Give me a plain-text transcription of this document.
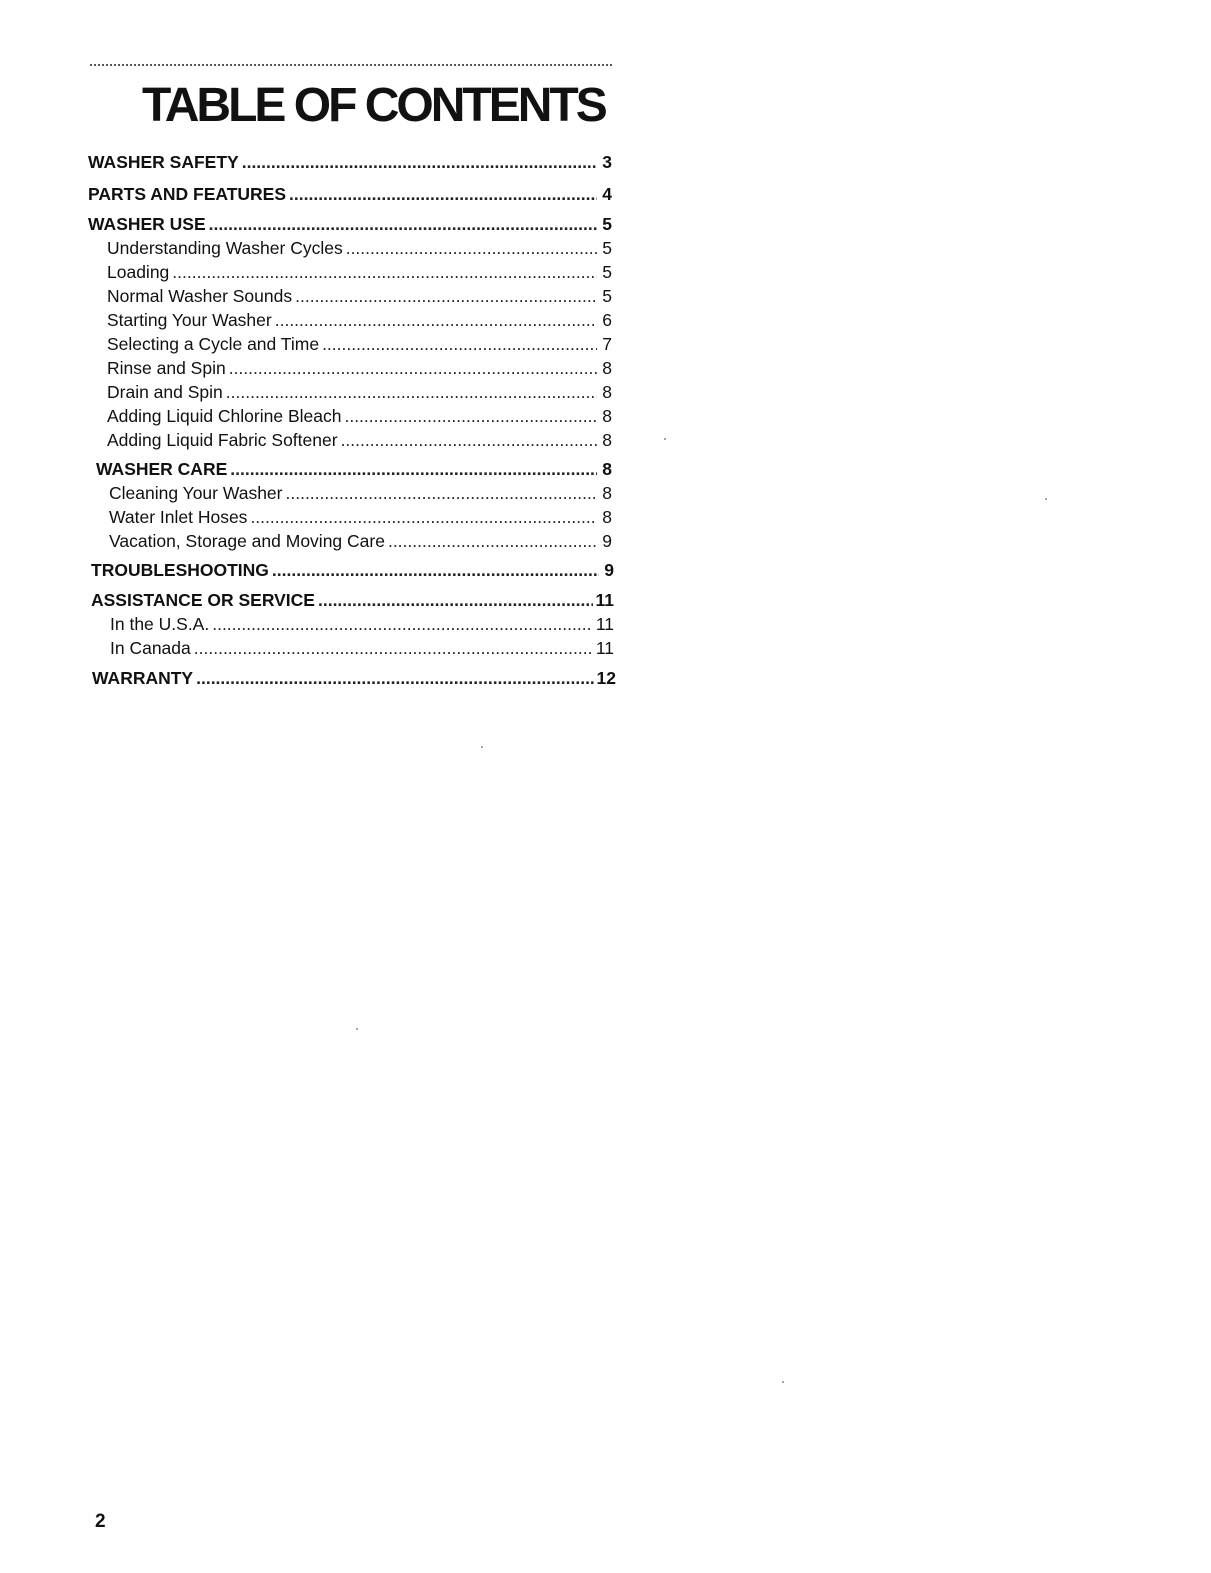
TABLE OF CONTENTS
WASHER SAFETY .....	3
PARTS AND FEATURES .....	4
WASHER USE .....	5
Understanding Washer Cycles .....	5
Loading .....	5
Normal Washer Sounds .....	5
Starting Your Washer .....	6
Selecting a Cycle and Time .....	7
Rinse and Spin .....	8
Drain and Spin .....	8
Adding Liquid Chlorine Bleach .....	8
Adding Liquid Fabric Softener .....	8
WASHER CARE .....	8
Cleaning Your Washer .....	8
Water Inlet Hoses .....	8
Vacation, Storage and Moving Care .....	9
TROUBLESHOOTING .....	9
ASSISTANCE OR SERVICE .....	11
In the U.S.A. .....	11
In Canada .....	11
WARRANTY .....	12
2
